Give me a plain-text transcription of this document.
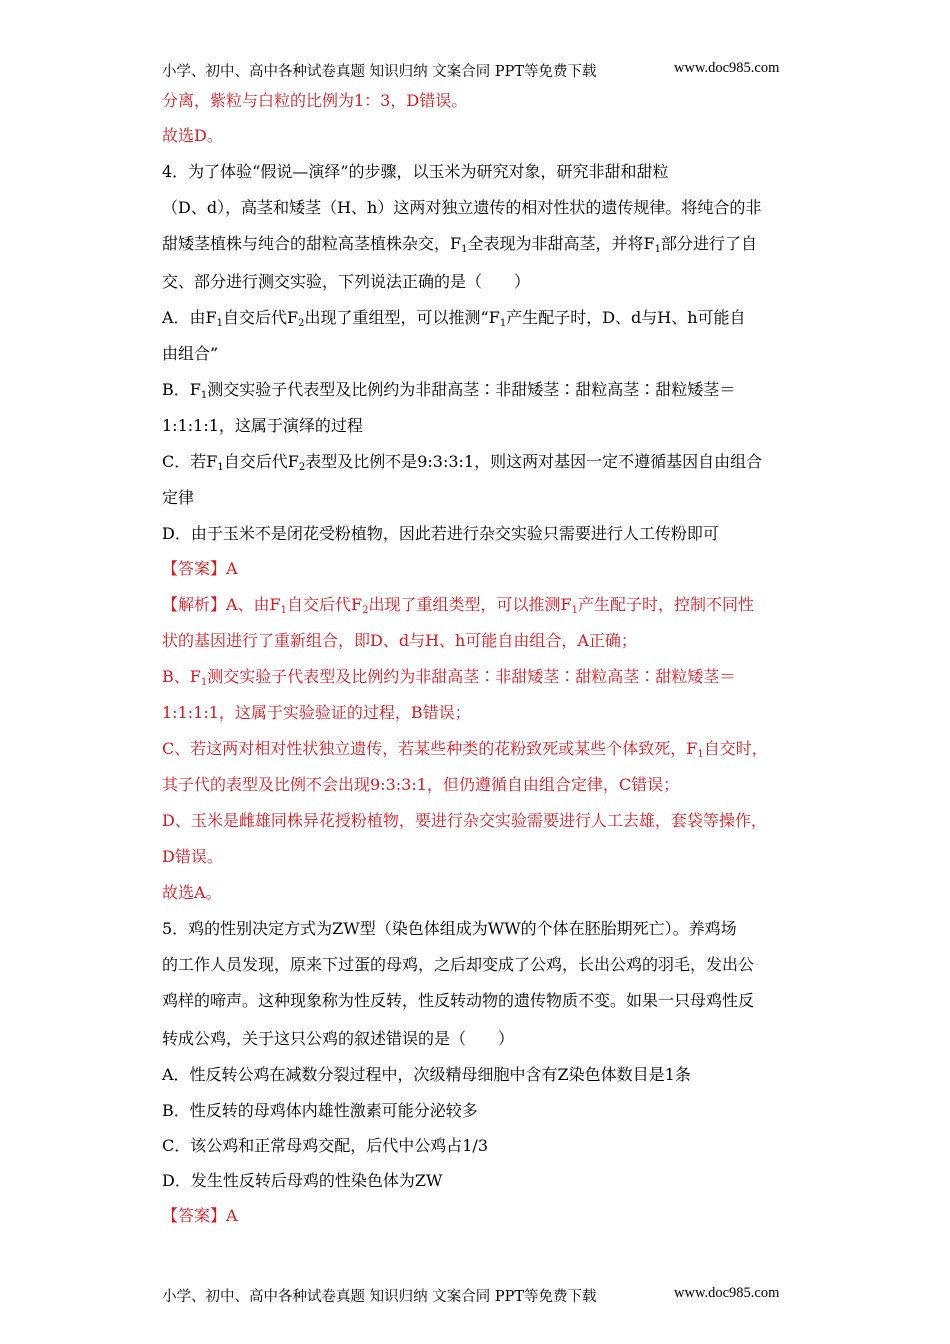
小学、初中、高中各种试卷真题 知识归纳 文案合同 PPT等免费下载	www.doc985.com
分离，紫粒与白粒的比例为1：3，D错误。
故选D。
4．为了体验“假说—演绎”的步骤，以玉米为研究对象，研究非甜和甜粒
（D、d），高茎和矮茎（H、h）这两对独立遗传的相对性状的遗传规律。将纯合的非
甜矮茎植株与纯合的甜粒高茎植株杂交，$F_1$全表现为非甜高茎，并将$F_1$部分进行了自
交、部分进行测交实验，下列说法正确的是（　　）
A．由$F_1$自交后代$F_2$出现了重组型，可以推测“$F_1$产生配子时，D、d与H、h可能自
由组合”
B．$F_1$测交实验子代表型及比例约为非甜高茎∶非甜矮茎∶甜粒高茎∶甜粒矮茎＝
1:1:1:1，这属于演绎的过程
C．若$F_1$自交后代$F_2$表型及比例不是9:3:3:1，则这两对基因一定不遵循基因自由组合
定律
D．由于玉米不是闭花受粉植物，因此若进行杂交实验只需要进行人工传粉即可
【答案】A
【解析】A、由$F_1$自交后代$F_2$出现了重组类型，可以推测$F_1$产生配子时，控制不同性
状的基因进行了重新组合，即D、d与H、h可能自由组合，A正确；
B、$F_1$测交实验子代表型及比例约为非甜高茎∶非甜矮茎∶甜粒高茎∶甜粒矮茎＝
1:1:1:1，这属于实验验证的过程，B错误；
C、若这两对相对性状独立遗传，若某些种类的花粉致死或某些个体致死，$F_1$自交时，
其子代的表型及比例不会出现9:3:3:1，但仍遵循自由组合定律，C错误；
D、玉米是雌雄同株异花授粉植物，要进行杂交实验需要进行人工去雄，套袋等操作，
D错误。
故选A。
5．鸡的性别决定方式为ZW型（染色体组成为WW的个体在胚胎期死亡）。养鸡场
的工作人员发现，原来下过蛋的母鸡，之后却变成了公鸡，长出公鸡的羽毛，发出公
鸡样的啼声。这种现象称为性反转，性反转动物的遗传物质不变。如果一只母鸡性反
转成公鸡，关于这只公鸡的叙述错误的是（　　）
A．性反转公鸡在减数分裂过程中，次级精母细胞中含有Z染色体数目是1条
B．性反转的母鸡体内雄性激素可能分泌较多
C．该公鸡和正常母鸡交配，后代中公鸡占1/3
D．发生性反转后母鸡的性染色体为ZW
【答案】A
小学、初中、高中各种试卷真题 知识归纳 文案合同 PPT等免费下载	www.doc985.com
